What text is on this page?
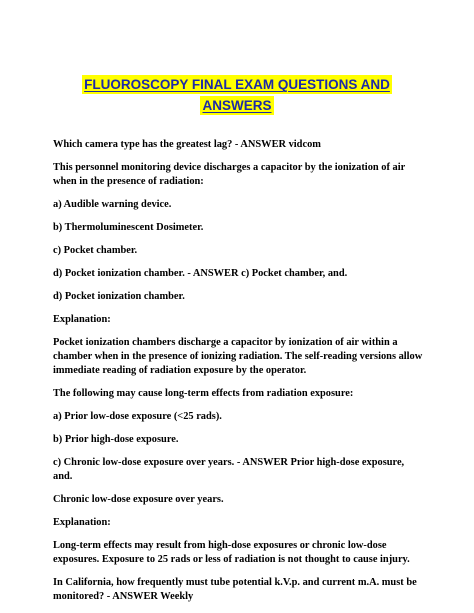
FLUOROSCOPY FINAL EXAM QUESTIONS AND
ANSWERS

Which camera type has the greatest lag? - ANSWER vidcom

This personnel monitoring device discharges a capacitor by the ionization of air when in the presence of radiation:

a) Audible warning device.

b) Thermoluminescent Dosimeter.

c) Pocket chamber.

d) Pocket ionization chamber. - ANSWER c) Pocket chamber, and.

d) Pocket ionization chamber.

Explanation:

Pocket ionization chambers discharge a capacitor by ionization of air within a chamber when in the presence of ionizing radiation. The self-reading versions allow immediate reading of radiation exposure by the operator.

The following may cause long-term effects from radiation exposure:

a) Prior low-dose exposure (<25 rads).

b) Prior high-dose exposure.

c) Chronic low-dose exposure over years. - ANSWER Prior high-dose exposure, and.

Chronic low-dose exposure over years.

Explanation:

Long-term effects may result from high-dose exposures or chronic low-dose exposures. Exposure to 25 rads or less of radiation is not thought to cause injury.

In California, how frequently must tube potential k.V.p. and current m.A. must be monitored? - ANSWER Weekly
